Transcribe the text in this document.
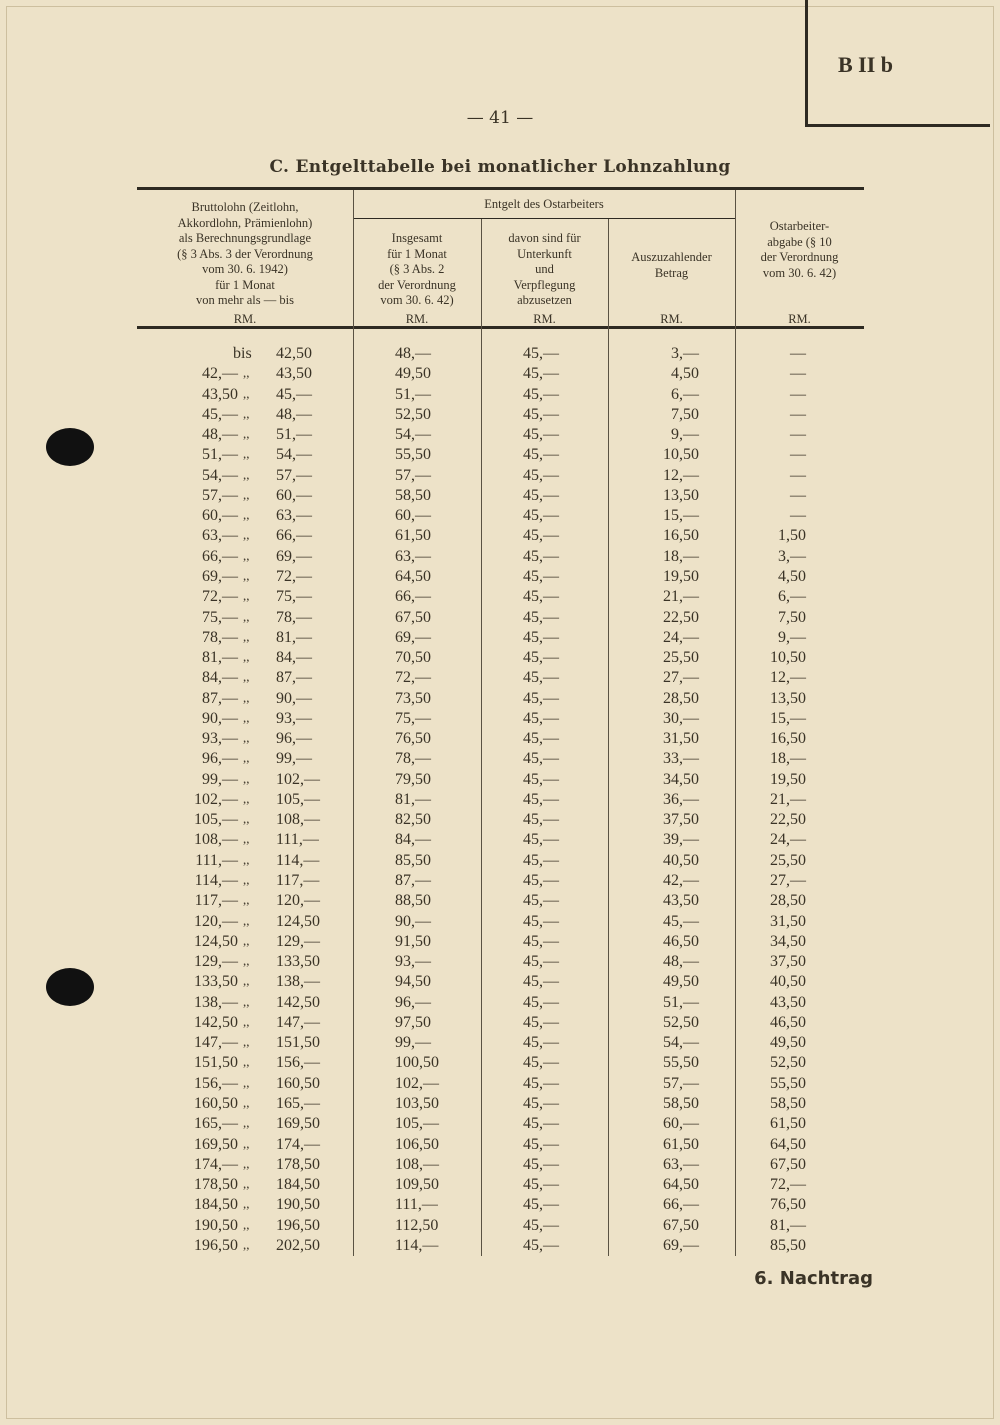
B II b
— 41 —
C. Entgelttabelle bei monatlicher Lohnzahlung
Bruttolohn (Zeitlohn,
Akkordlohn, Prämienlohn)
als Berechnungsgrundlage
(§ 3 Abs. 3 der Verordnung
vom 30. 6. 1942)
für 1 Monat
von mehr als — bis
Entgelt des Ostarbeiters
Insgesamt
für 1 Monat
(§ 3 Abs. 2
der Verordnung
vom 30. 6. 42)
davon sind für
Unterkunft
und
Verpflegung
abzusetzen
Auszuzahlender
Betrag
Ostarbeiter-
abgabe (§ 10
der Verordnung
vom 30. 6. 42)
RM.	RM.	RM.	RM.	RM.
bis 42,50	48,—	45,—	3,—	—
42,— ,, 43,50	49,50	45,—	4,50	—
43,50 ,, 45,—	51,—	45,—	6,—	—
45,— ,, 48,—	52,50	45,—	7,50	—
48,— ,, 51,—	54,—	45,—	9,—	—
51,— ,, 54,—	55,50	45,—	10,50	—
54,— ,, 57,—	57,—	45,—	12,—	—
57,— ,, 60,—	58,50	45,—	13,50	—
60,— ,, 63,—	60,—	45,—	15,—	—
63,— ,, 66,—	61,50	45,—	16,50	1,50
66,— ,, 69,—	63,—	45,—	18,—	3,—
69,— ,, 72,—	64,50	45,—	19,50	4,50
72,— ,, 75,—	66,—	45,—	21,—	6,—
75,— ,, 78,—	67,50	45,—	22,50	7,50
78,— ,, 81,—	69,—	45,—	24,—	9,—
81,— ,, 84,—	70,50	45,—	25,50	10,50
84,— ,, 87,—	72,—	45,—	27,—	12,—
87,— ,, 90,—	73,50	45,—	28,50	13,50
90,— ,, 93,—	75,—	45,—	30,—	15,—
93,— ,, 96,—	76,50	45,—	31,50	16,50
96,— ,, 99,—	78,—	45,—	33,—	18,—
99,— ,, 102,—	79,50	45,—	34,50	19,50
102,— ,, 105,—	81,—	45,—	36,—	21,—
105,— ,, 108,—	82,50	45,—	37,50	22,50
108,— ,, 111,—	84,—	45,—	39,—	24,—
111,— ,, 114,—	85,50	45,—	40,50	25,50
114,— ,, 117,—	87,—	45,—	42,—	27,—
117,— ,, 120,—	88,50	45,—	43,50	28,50
120,— ,, 124,50	90,—	45,—	45,—	31,50
124,50 ,, 129,—	91,50	45,—	46,50	34,50
129,— ,, 133,50	93,—	45,—	48,—	37,50
133,50 ,, 138,—	94,50	45,—	49,50	40,50
138,— ,, 142,50	96,—	45,—	51,—	43,50
142,50 ,, 147,—	97,50	45,—	52,50	46,50
147,— ,, 151,50	99,—	45,—	54,—	49,50
151,50 ,, 156,—	100,50	45,—	55,50	52,50
156,— ,, 160,50	102,—	45,—	57,—	55,50
160,50 ,, 165,—	103,50	45,—	58,50	58,50
165,— ,, 169,50	105,—	45,—	60,—	61,50
169,50 ,, 174,—	106,50	45,—	61,50	64,50
174,— ,, 178,50	108,—	45,—	63,—	67,50
178,50 ,, 184,50	109,50	45,—	64,50	72,—
184,50 ,, 190,50	111,—	45,—	66,—	76,50
190,50 ,, 196,50	112,50	45,—	67,50	81,—
196,50 ,, 202,50	114,—	45,—	69,—	85,50
6. Nachtrag
